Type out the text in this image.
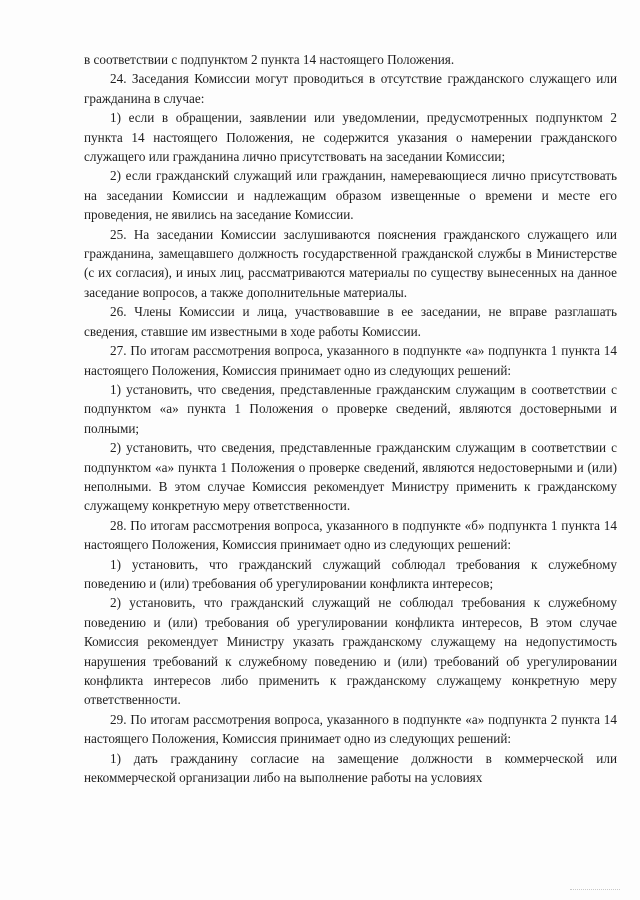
в соответствии с подпунктом 2 пункта 14 настоящего Положения.

24. Заседания Комиссии могут проводиться в отсутствие гражданского служащего или гражданина в случае:

1) если в обращении, заявлении или уведомлении, предусмотренных подпунктом 2 пункта 14 настоящего Положения, не содержится указания о намерении гражданского служащего или гражданина лично присутствовать на заседании Комиссии;

2) если гражданский служащий или гражданин, намеревающиеся лично присутствовать на заседании Комиссии и надлежащим образом извещенные о времени и месте его проведения, не явились на заседание Комиссии.

25. На заседании Комиссии заслушиваются пояснения гражданского служащего или гражданина, замещавшего должность государственной гражданской службы в Министерстве (с их согласия), и иных лиц, рассматриваются материалы по существу вынесенных на данное заседание вопросов, а также дополнительные материалы.

26. Члены Комиссии и лица, участвовавшие в ее заседании, не вправе разглашать сведения, ставшие им известными в ходе работы Комиссии.

27. По итогам рассмотрения вопроса, указанного в подпункте «а» подпункта 1 пункта 14 настоящего Положения, Комиссия принимает одно из следующих решений:

1) установить, что сведения, представленные гражданским служащим в соответствии с подпунктом «а» пункта 1 Положения о проверке сведений, являются достоверными и полными;

2) установить, что сведения, представленные гражданским служащим в соответствии с подпунктом «а» пункта 1 Положения о проверке сведений, являются недостоверными и (или) неполными. В этом случае Комиссия рекомендует Министру применить к гражданскому служащему конкретную меру ответственности.

28. По итогам рассмотрения вопроса, указанного в подпункте «б» подпункта 1 пункта 14 настоящего Положения, Комиссия принимает одно из следующих решений:

1) установить, что гражданский служащий соблюдал требования к служебному поведению и (или) требования об урегулировании конфликта интересов;

2) установить, что гражданский служащий не соблюдал требования к служебному поведению и (или) требования об урегулировании конфликта интересов, В этом случае Комиссия рекомендует Министру указать гражданскому служащему на недопустимость нарушения требований к служебному поведению и (или) требований об урегулировании конфликта интересов либо применить к гражданскому служащему конкретную меру ответственности.

29. По итогам рассмотрения вопроса, указанного в подпункте «а» подпункта 2 пункта 14 настоящего Положения, Комиссия принимает одно из следующих решений:

1) дать гражданину согласие на замещение должности в коммерческой или некоммерческой организации либо на выполнение работы на условиях
